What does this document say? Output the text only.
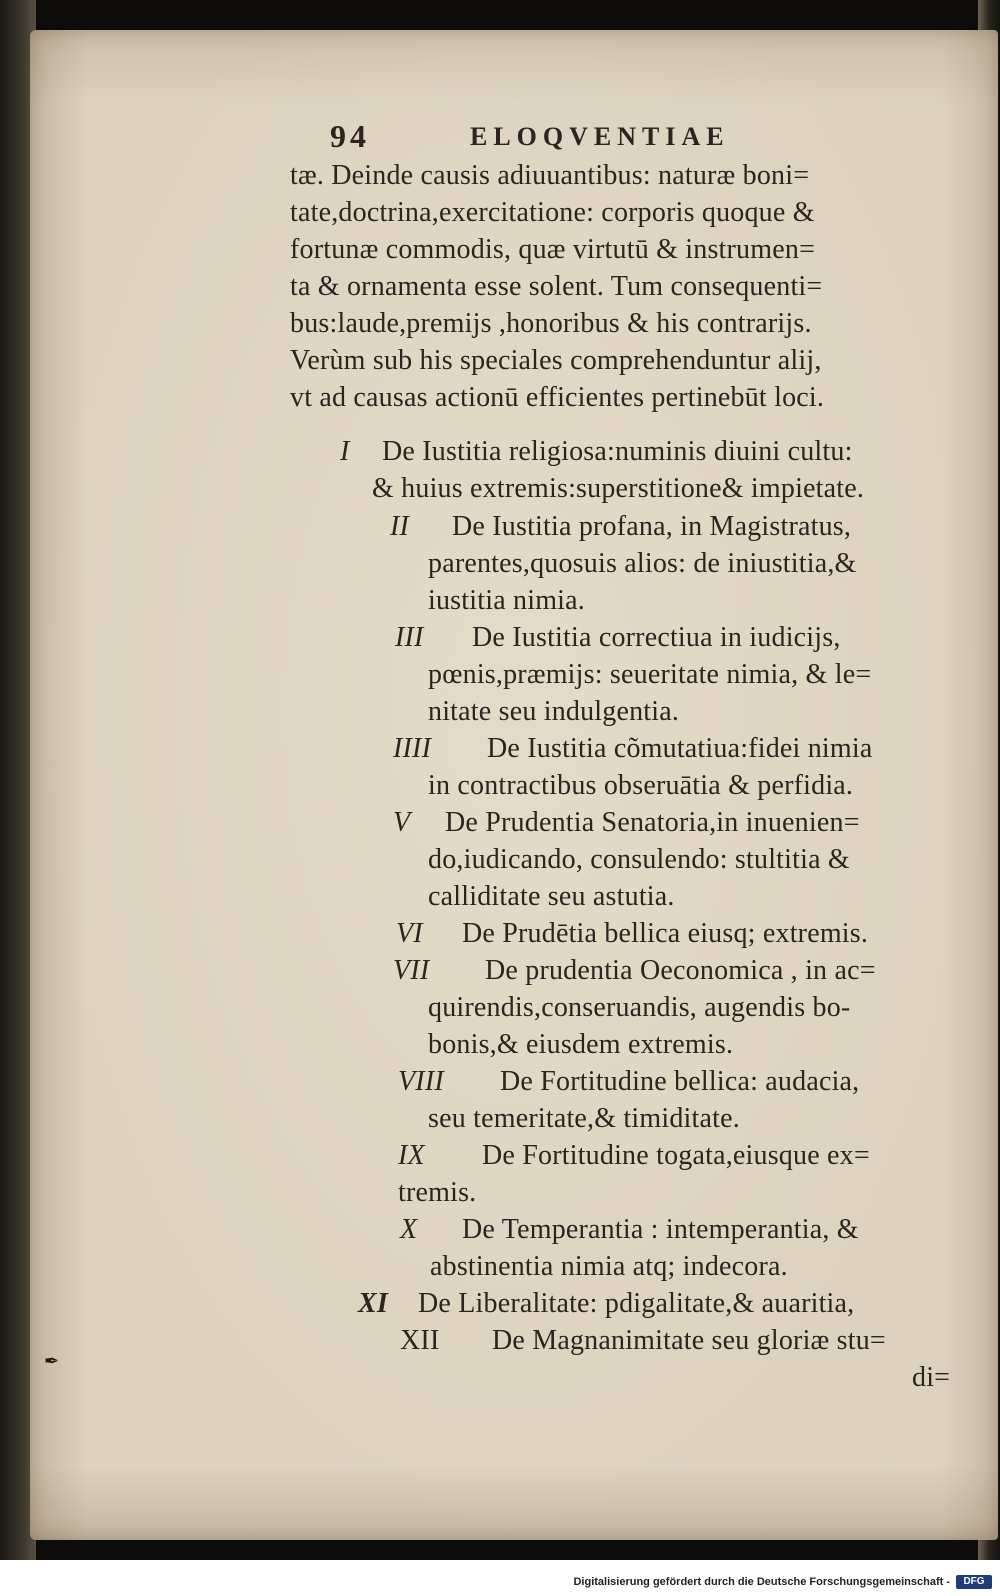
94	ELOQVENTIAE
tæ. Deinde causis adiuuantibus: naturæ boni=
tate,doctrina,exercitatione: corporis quoque &
fortunæ commodis, quæ virtutū & instrumen=
ta & ornamenta esse solent. Tum consequenti=
bus:laude,premijs ,honoribus & his contrarijs.
Verùm sub his speciales comprehenduntur alij,
vt ad causas actionū efficientes pertinebūt loci.
I De Iustitia religiosa:numinis diuini cultu:
& huius extremis:superstitione& impietate.
II De Iustitia profana, in Magistratus,
parentes,quosuis alios: de iniustitia,&
iustitia nimia.
III De Iustitia correctiua in iudicijs,
pœnis,præmijs: seueritate nimia, & le=
nitate seu indulgentia.
IIII De Iustitia cõmutatiua:fidei nimia
in contractibus obseruātia & perfidia.
V De Prudentia Senatoria,in inuenien=
do,iudicando, consulendo: stultitia &
calliditate seu astutia.
VI De Prudētia bellica eiusq; extremis.
VII De prudentia Oeconomica , in ac=
quirendis,conseruandis, augendis bo-
bonis,& eiusdem extremis.
VIII De Fortitudine bellica: audacia,
seu temeritate,& timiditate.
IX De Fortitudine togata,eiusque ex=
tremis.
X De Temperantia : intemperantia, &
abstinentia nimia atq; indecora.
XI De Liberalitate: pdigalitate,& auaritia,
XII De Magnanimitate seu gloriæ stu=
di=
✒
Digitalisierung gefördert durch die Deutsche Forschungsgemeinschaft -	DFG
